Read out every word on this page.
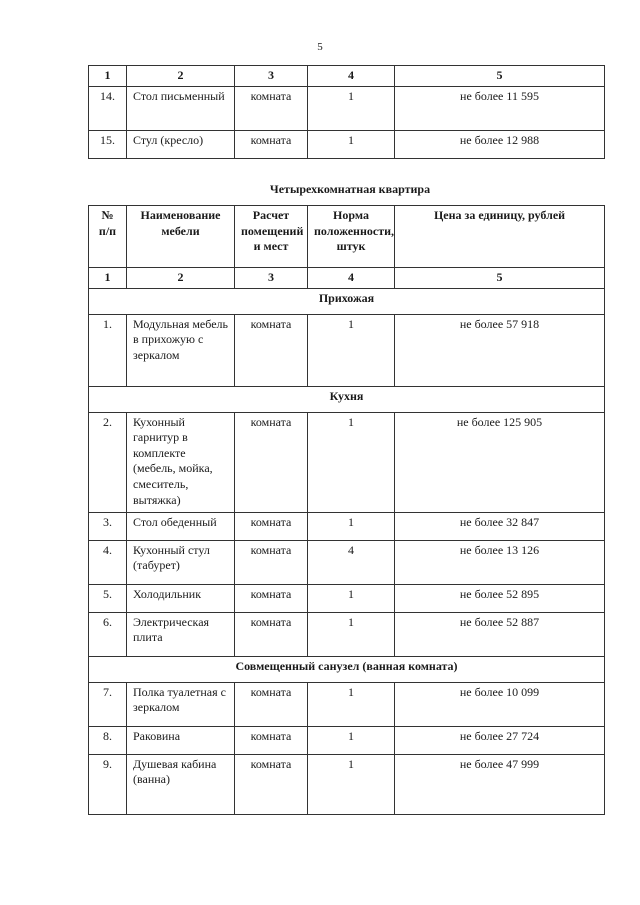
5
1	2	3	4	5
14.	Стол письменный	комната	1	не более 11 595
15.	Стул (кресло)	комната	1	не более 12 988
Четырехкомнатная квартира
№ п/п	Наименование мебели	Расчет помещений и мест	Норма положенности, штук	Цена за единицу, рублей
1	2	3	4	5
Прихожая				
1.	Модульная мебель в прихожую с зеркалом	комната	1	не более 57 918
Кухня				
2.	Кухонный гарнитур в комплекте (мебель, мойка, смеситель, вытяжка)	комната	1	не более 125 905
3.	Стол обеденный	комната	1	не более 32 847
4.	Кухонный стул (табурет)	комната	4	не более 13 126
5.	Холодильник	комната	1	не более 52 895
6.	Электрическая плита	комната	1	не более 52 887
Совмещенный санузел (ванная комната)				
7.	Полка туалетная с зеркалом	комната	1	не более 10 099
8.	Раковина	комната	1	не более 27 724
9.	Душевая кабина (ванна)	комната	1	не более 47 999
